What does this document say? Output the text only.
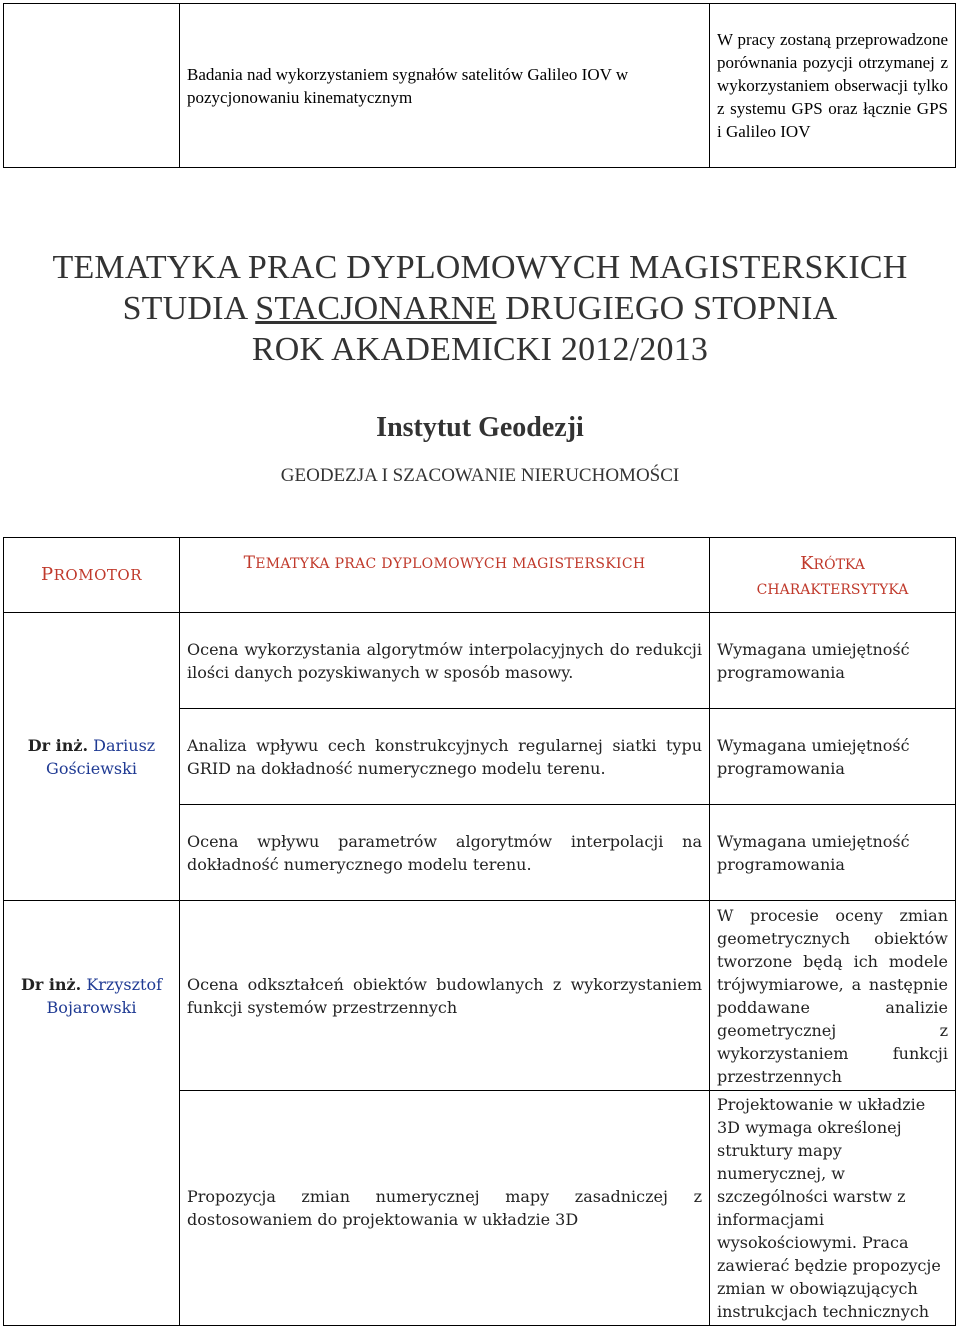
	Badania nad wykorzystaniem sygnałów satelitów Galileo IOV w pozycjonowaniu kinematycznym	W pracy zostaną przeprowadzone porównania pozycji otrzymanej z wykorzystaniem obserwacji tylko z systemu GPS oraz łącznie GPS i Galileo IOV
TEMATYKA PRAC DYPLOMOWYCH MAGISTERSKICH
STUDIA STACJONARNE DRUGIEGO STOPNIA
ROK AKADEMICKI 2012/2013
Instytut Geodezji
GEODEZJA I SZACOWANIE NIERUCHOMOŚCI
PROMOTOR	TEMATYKA PRAC DYPLOMOWYCH MAGISTERSKICH	KRÓTKA
CHARAKTERSYTYKA

Dr inż. Dariusz
Gościewski	Ocena wykorzystania algorytmów interpolacyjnych do redukcji ilości danych pozyskiwanych w sposób masowy.	Wymagana umiejętność programowania
	Analiza wpływu cech konstrukcyjnych regularnej siatki typu GRID na dokładność numerycznego modelu terenu.	Wymagana umiejętność programowania
	Ocena wpływu parametrów algorytmów interpolacji na dokładność numerycznego modelu terenu.	Wymagana umiejętność programowania

Dr inż. Krzysztof
Bojarowski	Ocena odkształceń obiektów budowlanych z wykorzystaniem funkcji systemów przestrzennych	W procesie oceny zmian geometrycznych obiektów tworzone będą ich modele trójwymiarowe, a następnie poddawane analizie geometrycznej z wykorzystaniem funkcji przestrzennych
	Propozycja zmian numerycznej mapy zasadniczej z dostosowaniem do projektowania w układzie 3D	Projektowanie w układzie 3D wymaga określonej struktury mapy numerycznej, w szczególności warstw z informacjami wysokościowymi. Praca zawierać będzie propozycje zmian w obowiązujących instrukcjach technicznych
